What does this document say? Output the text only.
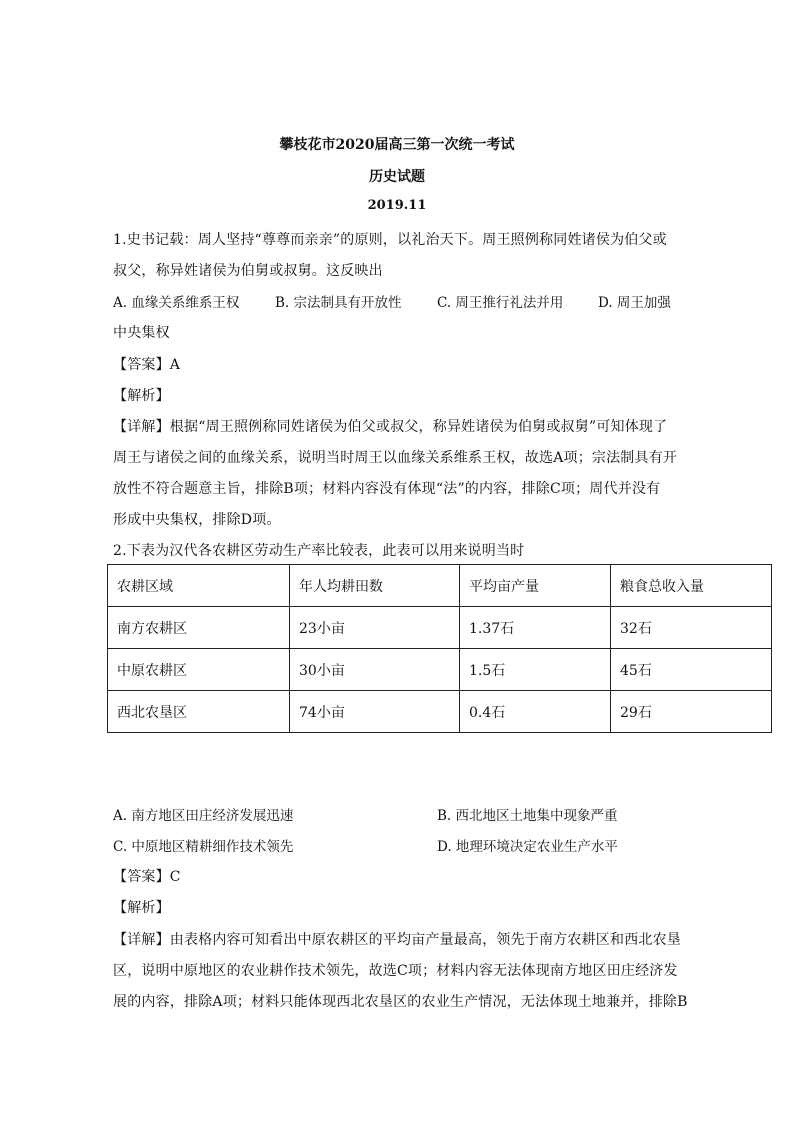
攀枝花市2020届高三第一次统一考试
历史试题
2019.11
1.史书记载：周人坚持“尊尊而亲亲”的原则，以礼治天下。周王照例称同姓诸侯为伯父或
叔父，称异姓诸侯为伯舅或叔舅。这反映出
A. 血缘关系维系王权	B. 宗法制具有开放性	C. 周王推行礼法并用	D. 周王加强
中央集权
【答案】A
【解析】
【详解】根据“周王照例称同姓诸侯为伯父或叔父，称异姓诸侯为伯舅或叔舅”可知体现了
周王与诸侯之间的血缘关系，说明当时周王以血缘关系维系王权，故选A项；宗法制具有开
放性不符合题意主旨，排除B项；材料内容没有体现“法”的内容，排除C项；周代并没有
形成中央集权，排除D项。
2.下表为汉代各农耕区劳动生产率比较表，此表可以用来说明当时
农耕区域	年人均耕田数	平均亩产量	粮食总收入量
南方农耕区	23小亩	1.37石	32石
中原农耕区	30小亩	1.5石	45石
西北农垦区	74小亩	0.4石	29石
A. 南方地区田庄经济发展迅速	B. 西北地区土地集中现象严重
C. 中原地区精耕细作技术领先	D. 地理环境决定农业生产水平
【答案】C
【解析】
【详解】由表格内容可知看出中原农耕区的平均亩产量最高，领先于南方农耕区和西北农垦
区，说明中原地区的农业耕作技术领先，故选C项；材料内容无法体现南方地区田庄经济发
展的内容，排除A项；材料只能体现西北农垦区的农业生产情况，无法体现土地兼并，排除B
